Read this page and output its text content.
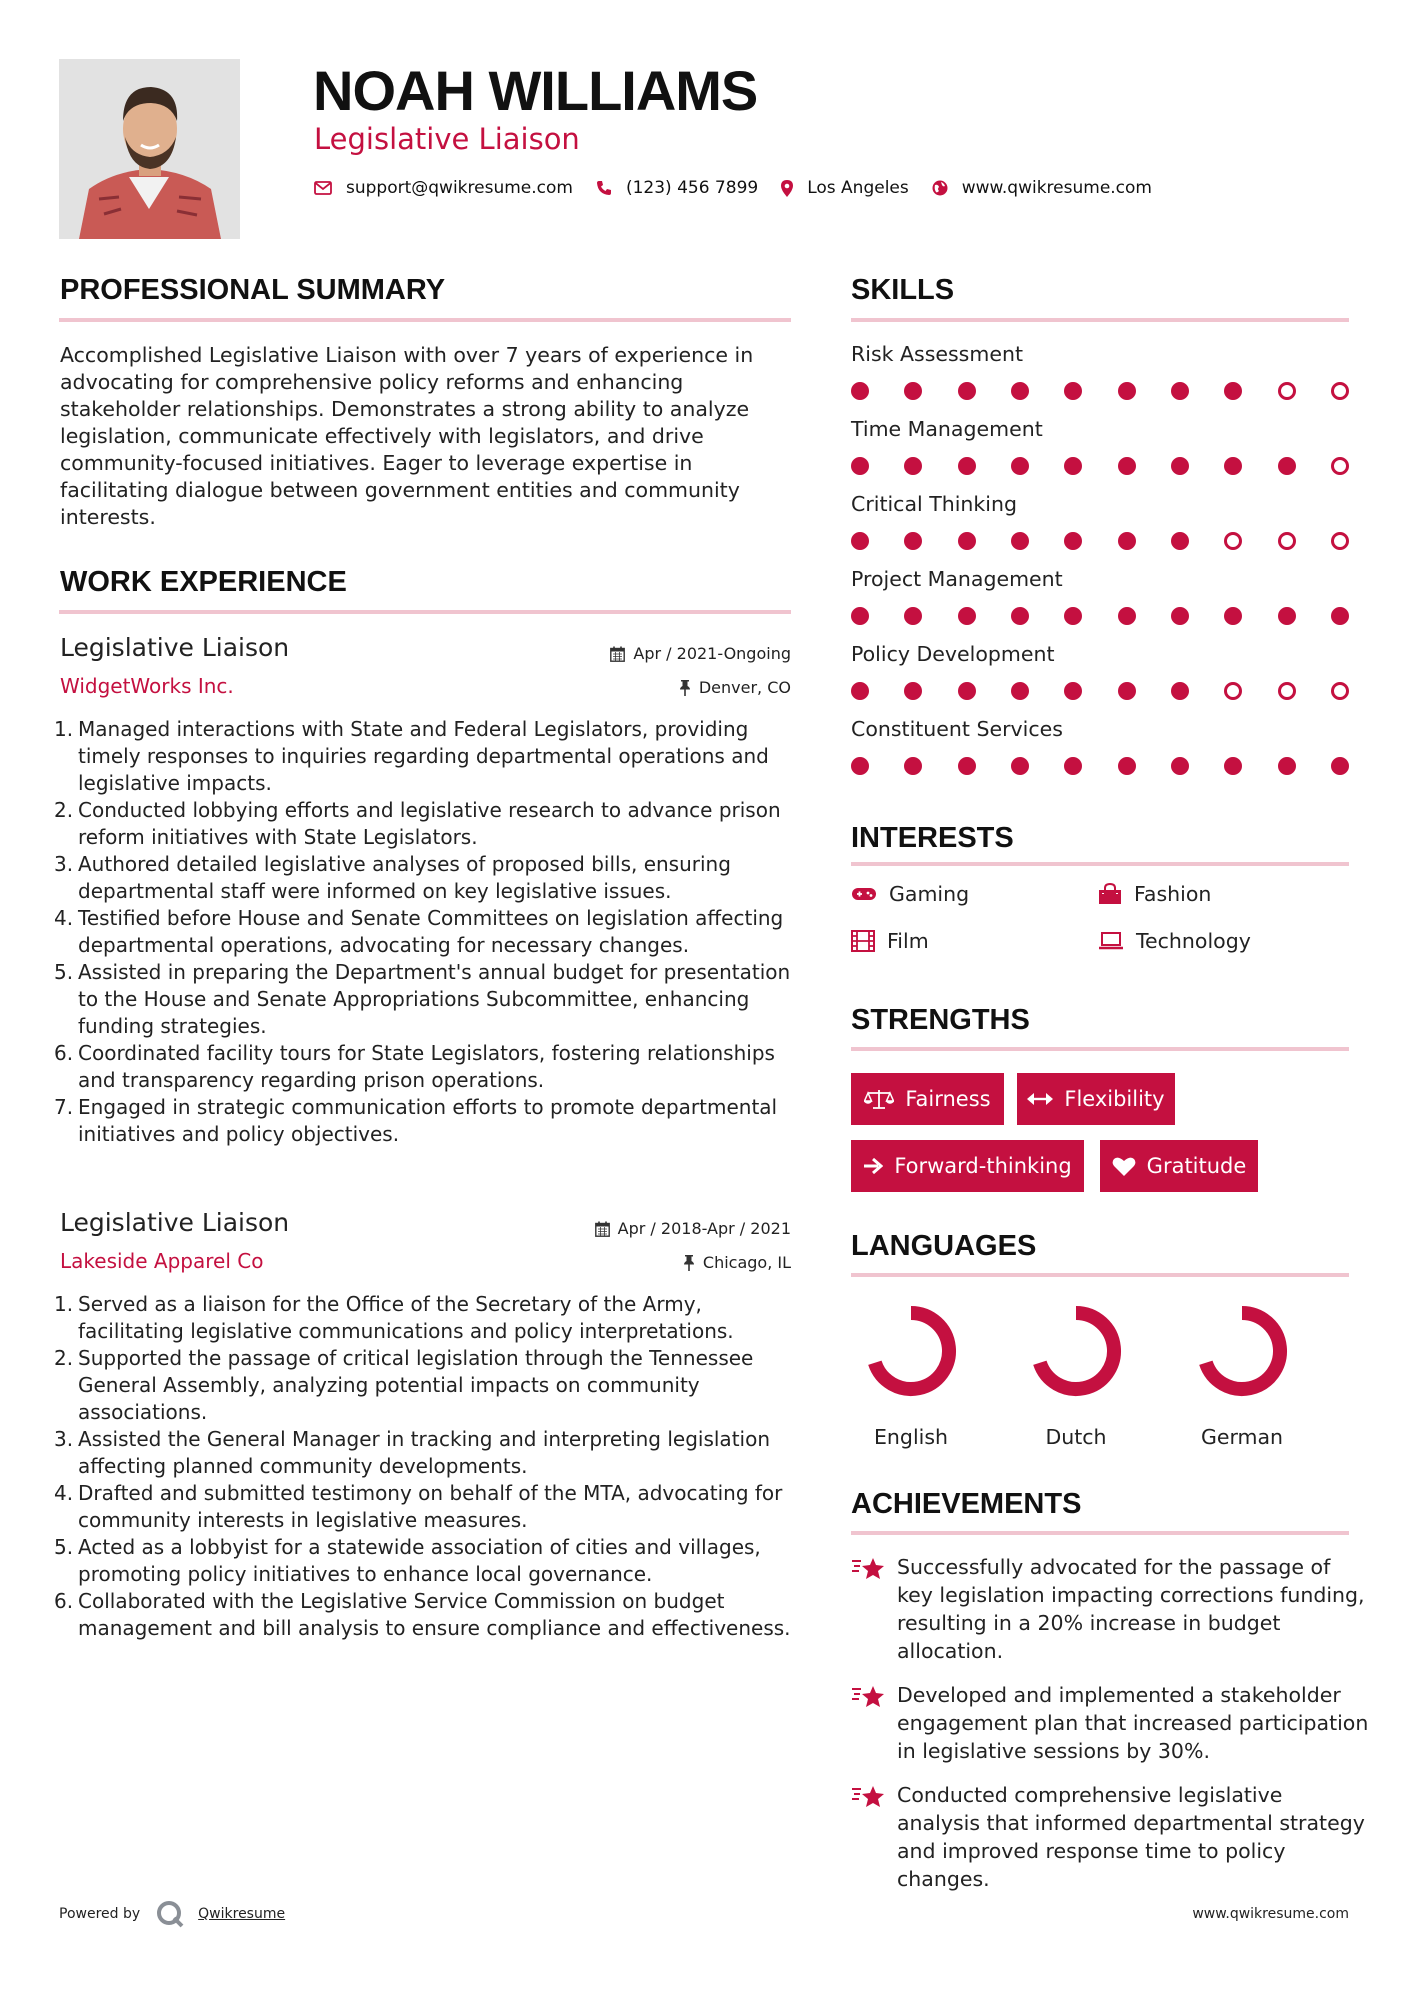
NOAH WILLIAMS
Legislative Liaison
support@qwikresume.com	(123) 456 7899	Los Angeles	www.qwikresume.com
PROFESSIONAL SUMMARY
Accomplished Legislative Liaison with over 7 years of experience in advocating for comprehensive policy reforms and enhancing stakeholder relationships. Demonstrates a strong ability to analyze legislation, communicate effectively with legislators, and drive community-focused initiatives. Eager to leverage expertise in facilitating dialogue between government entities and community interests.
WORK EXPERIENCE
Legislative Liaison
WidgetWorks Inc.
Apr / 2021-Ongoing
Denver, CO
1. Managed interactions with State and Federal Legislators, providing timely responses to inquiries regarding departmental operations and legislative impacts.
2. Conducted lobbying efforts and legislative research to advance prison reform initiatives with State Legislators.
3. Authored detailed legislative analyses of proposed bills, ensuring departmental staff were informed on key legislative issues.
4. Testified before House and Senate Committees on legislation affecting departmental operations, advocating for necessary changes.
5. Assisted in preparing the Department's annual budget for presentation to the House and Senate Appropriations Subcommittee, enhancing funding strategies.
6. Coordinated facility tours for State Legislators, fostering relationships and transparency regarding prison operations.
7. Engaged in strategic communication efforts to promote departmental initiatives and policy objectives.
Legislative Liaison
Lakeside Apparel Co
Apr / 2018-Apr / 2021
Chicago, IL
1. Served as a liaison for the Office of the Secretary of the Army, facilitating legislative communications and policy interpretations.
2. Supported the passage of critical legislation through the Tennessee General Assembly, analyzing potential impacts on community associations.
3. Assisted the General Manager in tracking and interpreting legislation affecting planned community developments.
4. Drafted and submitted testimony on behalf of the MTA, advocating for community interests in legislative measures.
5. Acted as a lobbyist for a statewide association of cities and villages, promoting policy initiatives to enhance local governance.
6. Collaborated with the Legislative Service Commission on budget management and bill analysis to ensure compliance and effectiveness.
SKILLS
Risk Assessment
Time Management
Critical Thinking
Project Management
Policy Development
Constituent Services
INTERESTS
Gaming	Fashion
Film	Technology
STRENGTHS
Fairness	Flexibility
Forward-thinking	Gratitude
LANGUAGES
English	Dutch	German
ACHIEVEMENTS
Successfully advocated for the passage of key legislation impacting corrections funding, resulting in a 20% increase in budget allocation.
Developed and implemented a stakeholder engagement plan that increased participation in legislative sessions by 30%.
Conducted comprehensive legislative analysis that informed departmental strategy and improved response time to policy changes.
Powered by	Qwikresume	www.qwikresume.com
